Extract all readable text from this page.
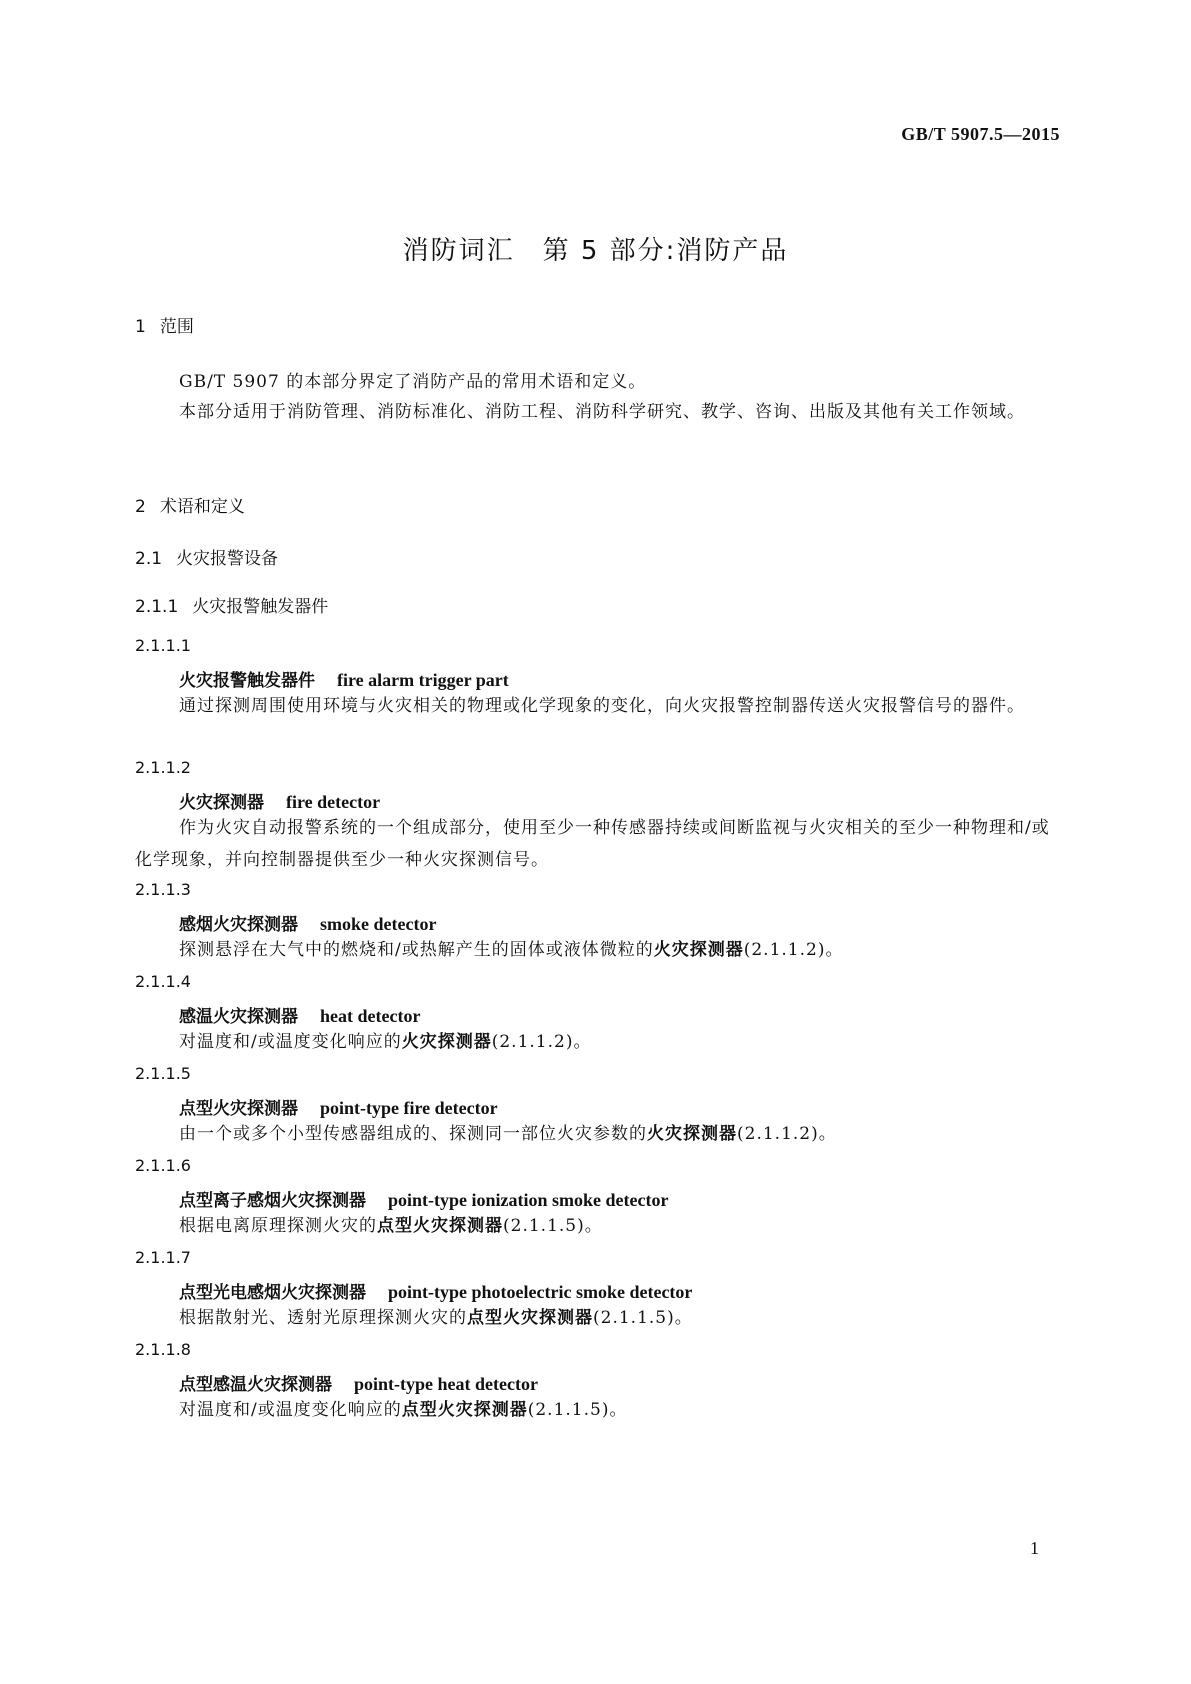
GB/T 5907.5—2015
消防词汇　第 5 部分:消防产品
1 范围
GB/T 5907 的本部分界定了消防产品的常用术语和定义。
本部分适用于消防管理、消防标准化、消防工程、消防科学研究、教学、咨询、出版及其他有关工作领域。
2 术语和定义
2.1 火灾报警设备
2.1.1 火灾报警触发器件
2.1.1.1
火灾报警触发器件 fire alarm trigger part
通过探测周围使用环境与火灾相关的物理或化学现象的变化，向火灾报警控制器传送火灾报警信号的器件。
2.1.1.2
火灾探测器 fire detector
作为火灾自动报警系统的一个组成部分，使用至少一种传感器持续或间断监视与火灾相关的至少一种物理和/或化学现象，并向控制器提供至少一种火灾探测信号。
2.1.1.3
感烟火灾探测器 smoke detector
探测悬浮在大气中的燃烧和/或热解产生的固体或液体微粒的火灾探测器(2.1.1.2)。
2.1.1.4
感温火灾探测器 heat detector
对温度和/或温度变化响应的火灾探测器(2.1.1.2)。
2.1.1.5
点型火灾探测器 point-type fire detector
由一个或多个小型传感器组成的、探测同一部位火灾参数的火灾探测器(2.1.1.2)。
2.1.1.6
点型离子感烟火灾探测器 point-type ionization smoke detector
根据电离原理探测火灾的点型火灾探测器(2.1.1.5)。
2.1.1.7
点型光电感烟火灾探测器 point-type photoelectric smoke detector
根据散射光、透射光原理探测火灾的点型火灾探测器(2.1.1.5)。
2.1.1.8
点型感温火灾探测器 point-type heat detector
对温度和/或温度变化响应的点型火灾探测器(2.1.1.5)。
1
